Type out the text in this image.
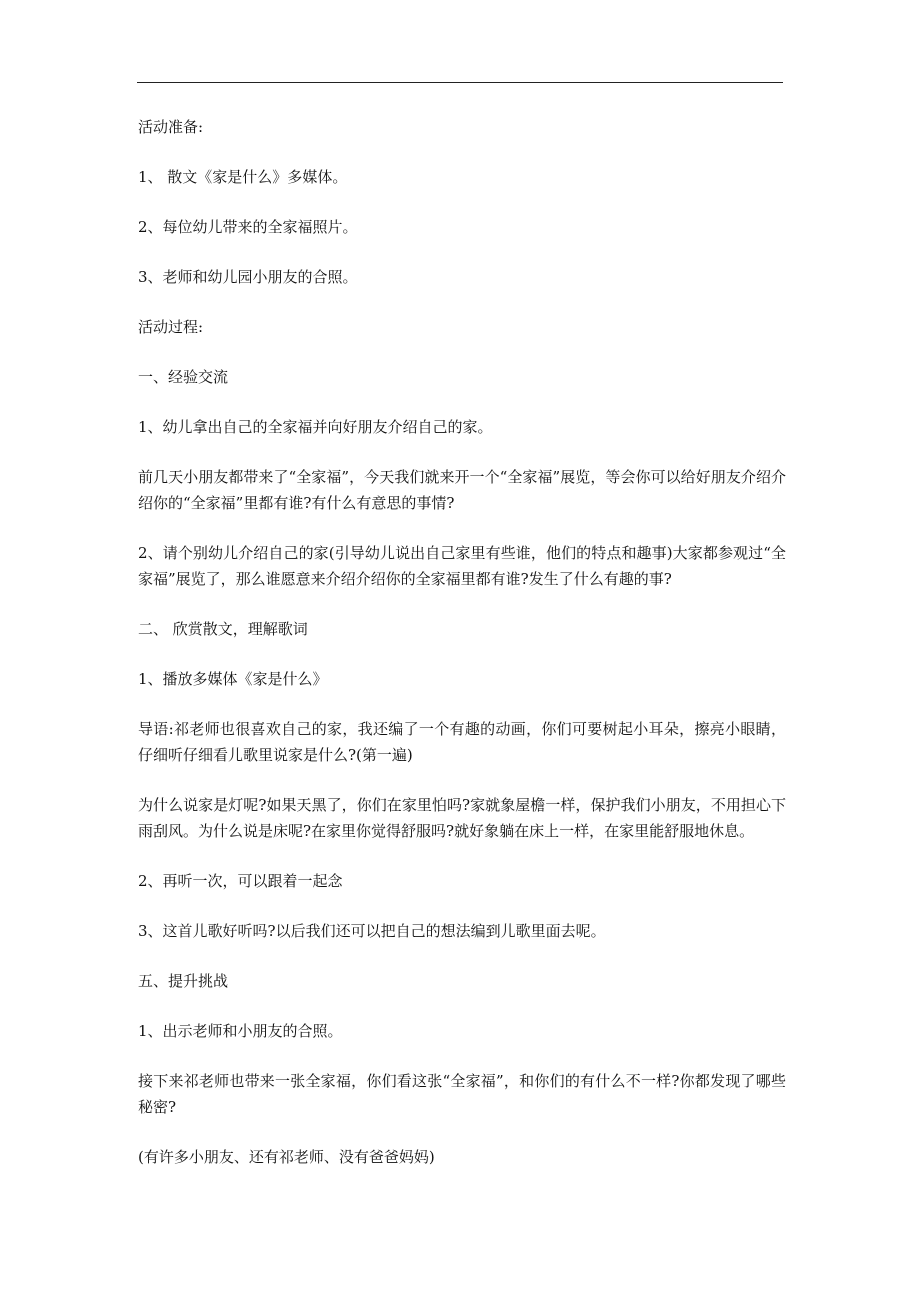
活动准备:

1、 散文《家是什么》多媒体。

2、每位幼儿带来的全家福照片。

3、老师和幼儿园小朋友的合照。

活动过程:

一、经验交流

1、幼儿拿出自己的全家福并向好朋友介绍自己的家。

前几天小朋友都带来了“全家福”，今天我们就来开一个“全家福”展览，等会你可以给好朋友介绍介绍你的“全家福”里都有谁?有什么有意思的事情?

2、请个别幼儿介绍自己的家(引导幼儿说出自己家里有些谁，他们的特点和趣事)大家都参观过“全家福”展览了，那么谁愿意来介绍介绍你的全家福里都有谁?发生了什么有趣的事?

二、 欣赏散文，理解歌词

1、播放多媒体《家是什么》

导语:祁老师也很喜欢自己的家，我还编了一个有趣的动画，你们可要树起小耳朵，擦亮小眼睛，仔细听仔细看儿歌里说家是什么?(第一遍)

为什么说家是灯呢?如果天黑了，你们在家里怕吗?家就象屋檐一样，保护我们小朋友，不用担心下雨刮风。为什么说是床呢?在家里你觉得舒服吗?就好象躺在床上一样，在家里能舒服地休息。

2、再听一次，可以跟着一起念

3、这首儿歌好听吗?以后我们还可以把自己的想法编到儿歌里面去呢。

五、提升挑战

1、出示老师和小朋友的合照。

接下来祁老师也带来一张全家福，你们看这张“全家福”，和你们的有什么不一样?你都发现了哪些秘密?

(有许多小朋友、还有祁老师、没有爸爸妈妈)
